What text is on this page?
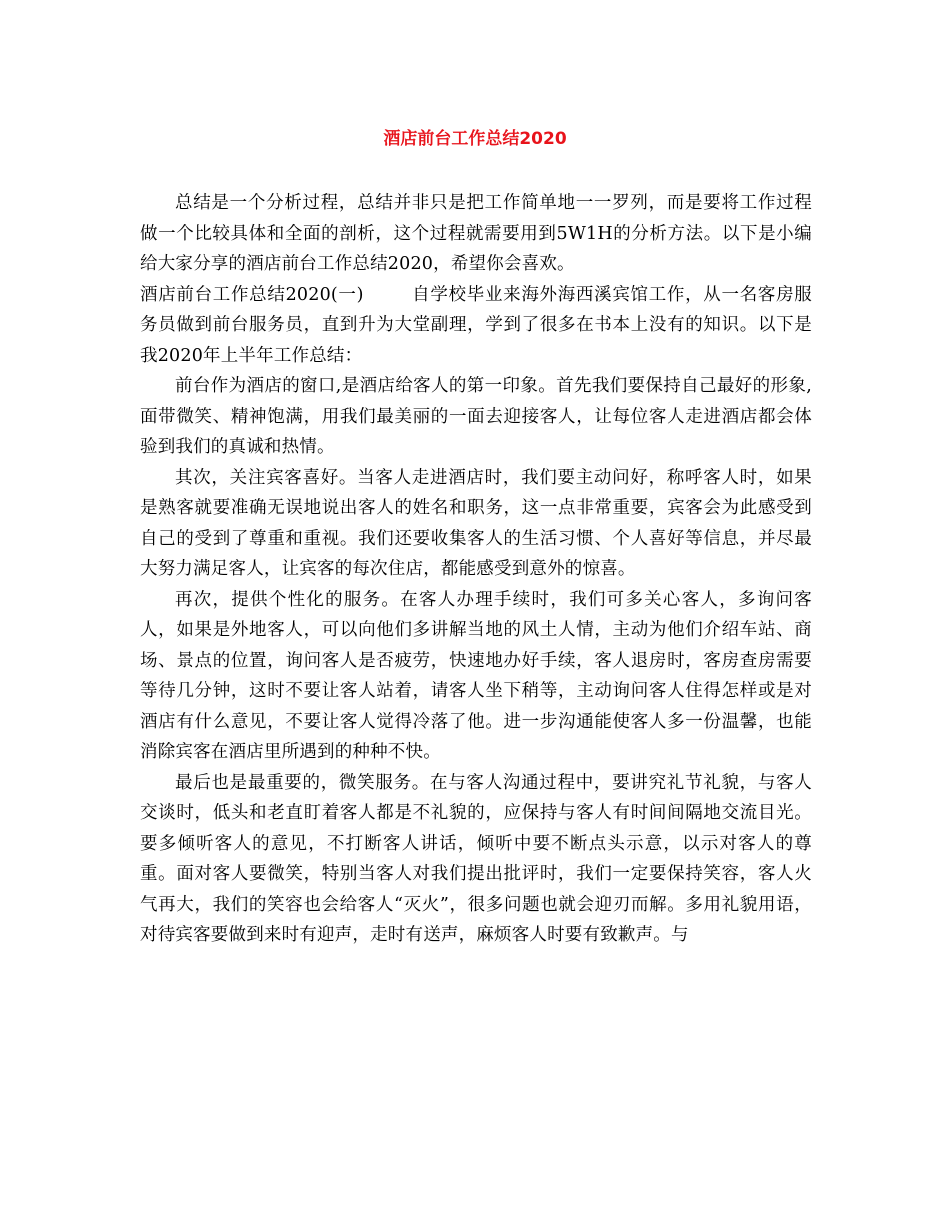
酒店前台工作总结2020

总结是一个分析过程，总结并非只是把工作简单地一一罗列，而是要将工作过程做一个比较具体和全面的剖析，这个过程就需要用到5W1H的分析方法。以下是小编给大家分享的酒店前台工作总结2020，希望你会喜欢。

酒店前台工作总结2020(一)	自学校毕业来海外海西溪宾馆工作，从一名客房服务员做到前台服务员，直到升为大堂副理，学到了很多在书本上没有的知识。以下是我2020年上半年工作总结：

前台作为酒店的窗口,是酒店给客人的第一印象。首先我们要保持自己最好的形象,面带微笑、精神饱满，用我们最美丽的一面去迎接客人，让每位客人走进酒店都会体验到我们的真诚和热情。

其次，关注宾客喜好。当客人走进酒店时，我们要主动问好，称呼客人时，如果是熟客就要准确无误地说出客人的姓名和职务，这一点非常重要，宾客会为此感受到自己的受到了尊重和重视。我们还要收集客人的生活习惯、个人喜好等信息，并尽最大努力满足客人，让宾客的每次住店，都能感受到意外的惊喜。

再次，提供个性化的服务。在客人办理手续时，我们可多关心客人，多询问客人，如果是外地客人，可以向他们多讲解当地的风土人情，主动为他们介绍车站、商场、景点的位置，询问客人是否疲劳，快速地办好手续，客人退房时，客房查房需要等待几分钟，这时不要让客人站着，请客人坐下稍等，主动询问客人住得怎样或是对酒店有什么意见，不要让客人觉得冷落了他。进一步沟通能使客人多一份温馨，也能消除宾客在酒店里所遇到的种种不快。

最后也是最重要的，微笑服务。在与客人沟通过程中，要讲究礼节礼貌，与客人交谈时，低头和老直盯着客人都是不礼貌的，应保持与客人有时间间隔地交流目光。要多倾听客人的意见，不打断客人讲话，倾听中要不断点头示意，以示对客人的尊重。面对客人要微笑，特别当客人对我们提出批评时，我们一定要保持笑容，客人火气再大，我们的笑容也会给客人“灭火”，很多问题也就会迎刃而解。多用礼貌用语，对待宾客要做到来时有迎声，走时有送声，麻烦客人时要有致歉声。与
